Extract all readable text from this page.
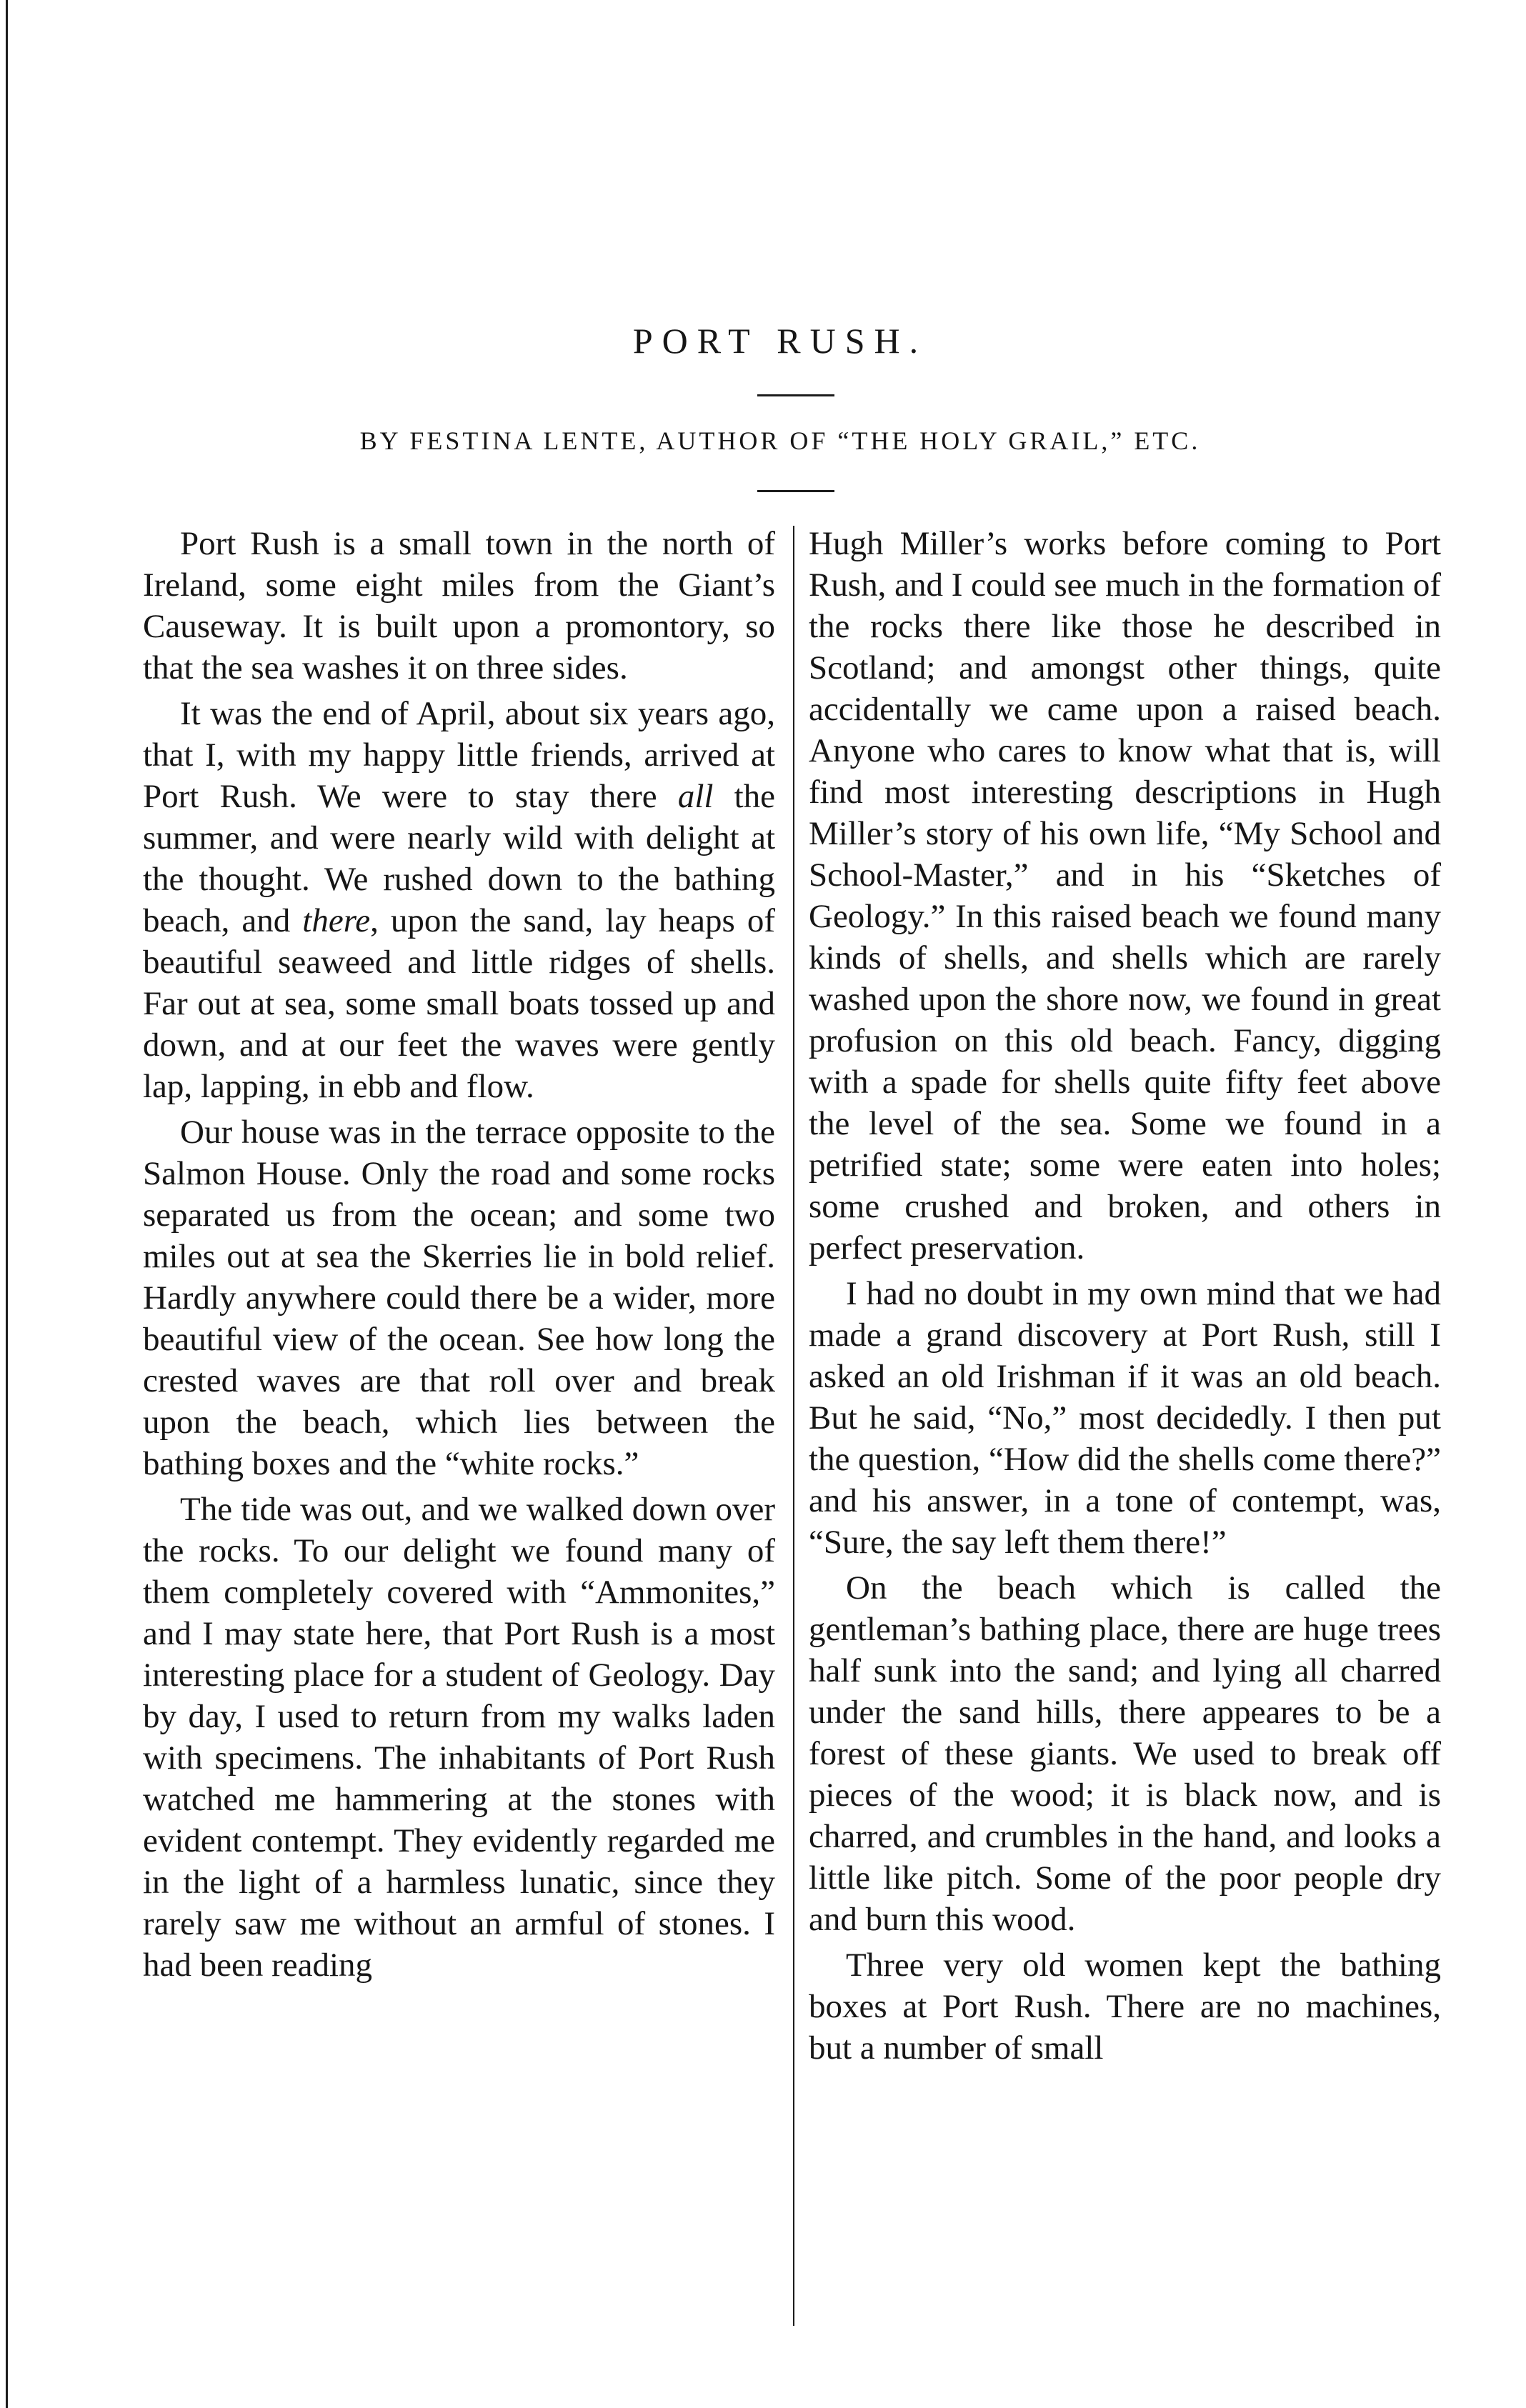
PORT RUSH.
BY FESTINA LENTE, AUTHOR OF “THE HOLY GRAIL,” ETC.

Port Rush is a small town in the north of Ireland, some eight miles from the Giant’s Causeway. It is built upon a promontory, so that the sea washes it on three sides.

It was the end of April, about six years ago, that I, with my happy little friends, arrived at Port Rush. We were to stay there all the summer, and were nearly wild with delight at the thought. We rushed down to the bathing beach, and there, upon the sand, lay heaps of beautiful seaweed and little ridges of shells. Far out at sea, some small boats tossed up and down, and at our feet the waves were gently lap, lapping, in ebb and flow.

Our house was in the terrace opposite to the Salmon House. Only the road and some rocks separated us from the ocean; and some two miles out at sea the Skerries lie in bold relief. Hardly anywhere could there be a wider, more beautiful view of the ocean. See how long the crested waves are that roll over and break upon the beach, which lies between the bathing boxes and the “white rocks.”

The tide was out, and we walked down over the rocks. To our delight we found many of them completely covered with “Ammonites,” and I may state here, that Port Rush is a most interesting place for a student of Geology. Day by day, I used to return from my walks laden with specimens. The inhabitants of Port Rush watched me hammering at the stones with evident contempt. They evidently regarded me in the light of a harmless lunatic, since they rarely saw me without an armful of stones. I had been reading

Hugh Miller’s works before coming to Port Rush, and I could see much in the formation of the rocks there like those he described in Scotland; and amongst other things, quite accidentally we came upon a raised beach. Anyone who cares to know what that is, will find most interesting descriptions in Hugh Miller’s story of his own life, “My School and School-Master,” and in his “Sketches of Geology.” In this raised beach we found many kinds of shells, and shells which are rarely washed upon the shore now, we found in great profusion on this old beach. Fancy, digging with a spade for shells quite fifty feet above the level of the sea. Some we found in a petrified state; some were eaten into holes; some crushed and broken, and others in perfect preservation.

I had no doubt in my own mind that we had made a grand discovery at Port Rush, still I asked an old Irishman if it was an old beach. But he said, “No,” most decidedly. I then put the question, “How did the shells come there?” and his answer, in a tone of contempt, was, “Sure, the say left them there!”

On the beach which is called the gentleman’s bathing place, there are huge trees half sunk into the sand; and lying all charred under the sand hills, there appeares to be a forest of these giants. We used to break off pieces of the wood; it is black now, and is charred, and crumbles in the hand, and looks a little like pitch. Some of the poor people dry and burn this wood.

Three very old women kept the bathing boxes at Port Rush. There are no machines, but a number of small
